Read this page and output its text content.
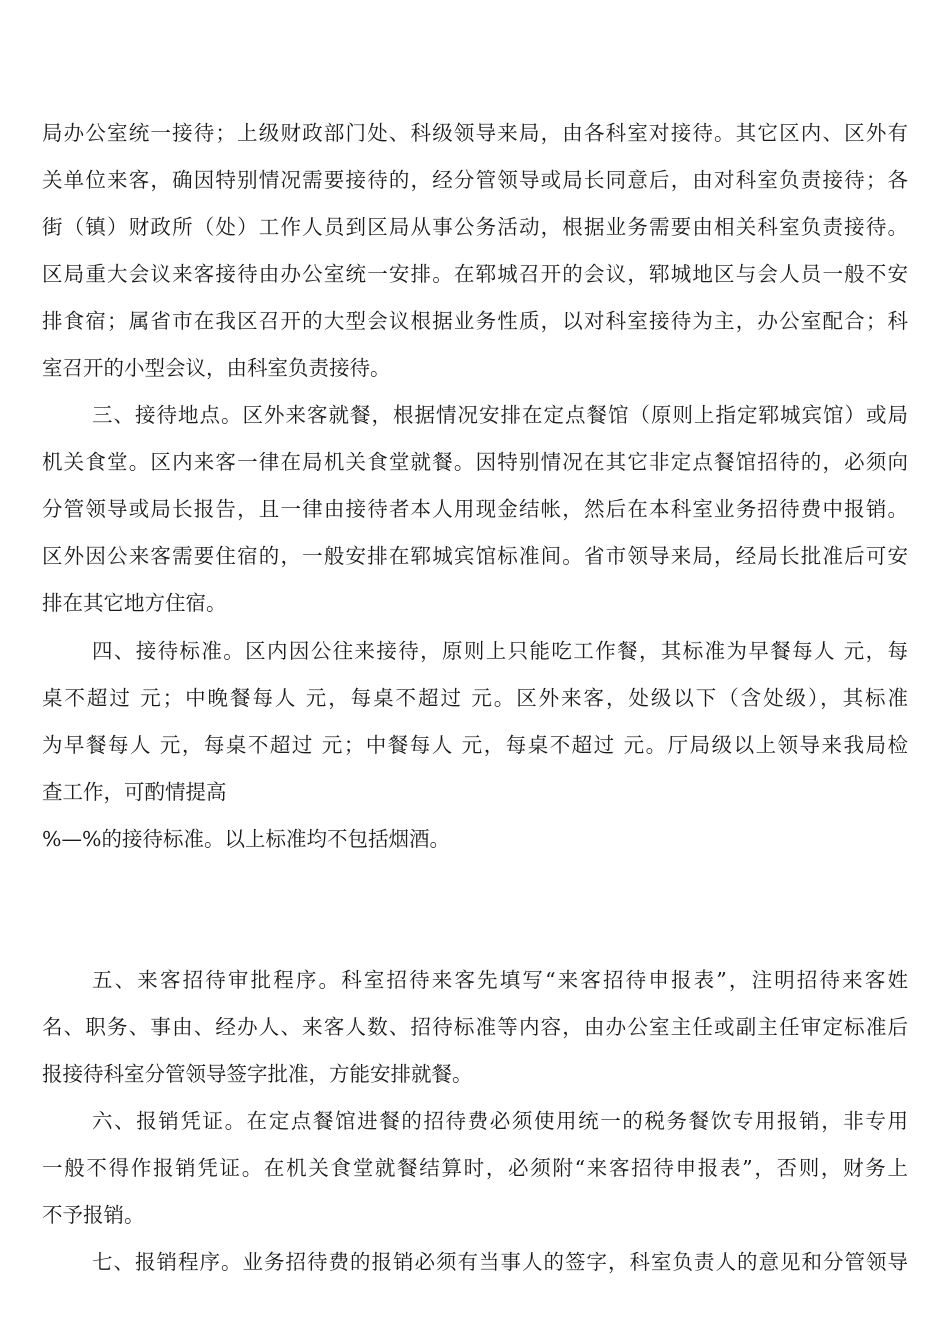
局办公室统一接待；上级财政部门处、科级领导来局，由各科室对接待。其它区内、区外有
关单位来客，确因特别情况需要接待的，经分管领导或局长同意后，由对科室负责接待；各
街（镇）财政所（处）工作人员到区局从事公务活动，根据业务需要由相关科室负责接待。
区局重大会议来客接待由办公室统一安排。在郓城召开的会议，郓城地区与会人员一般不安
排食宿；属省市在我区召开的大型会议根据业务性质，以对科室接待为主，办公室配合；科
室召开的小型会议，由科室负责接待。
三、接待地点。区外来客就餐，根据情况安排在定点餐馆（原则上指定郓城宾馆）或局
机关食堂。区内来客一律在局机关食堂就餐。因特别情况在其它非定点餐馆招待的，必须向
分管领导或局长报告，且一律由接待者本人用现金结帐，然后在本科室业务招待费中报销。
区外因公来客需要住宿的，一般安排在郓城宾馆标准间。省市领导来局，经局长批准后可安
排在其它地方住宿。
四、接待标准。区内因公往来接待，原则上只能吃工作餐，其标准为早餐每人 元，每
桌不超过 元；中晚餐每人 元，每桌不超过 元。区外来客，处级以下（含处级），其标准
为早餐每人 元，每桌不超过 元；中餐每人 元，每桌不超过 元。厅局级以上领导来我局检
查工作，可酌情提高
%—%的接待标准。以上标准均不包括烟酒。
五、来客招待审批程序。科室招待来客先填写“来客招待申报表”，注明招待来客姓
名、职务、事由、经办人、来客人数、招待标准等内容，由办公室主任或副主任审定标准后
报接待科室分管领导签字批准，方能安排就餐。
六、报销凭证。在定点餐馆进餐的招待费必须使用统一的税务餐饮专用报销，非专用
一般不得作报销凭证。在机关食堂就餐结算时，必须附“来客招待申报表”，否则，财务上
不予报销。
七、报销程序。业务招待费的报销必须有当事人的签字，科室负责人的意见和分管领导
